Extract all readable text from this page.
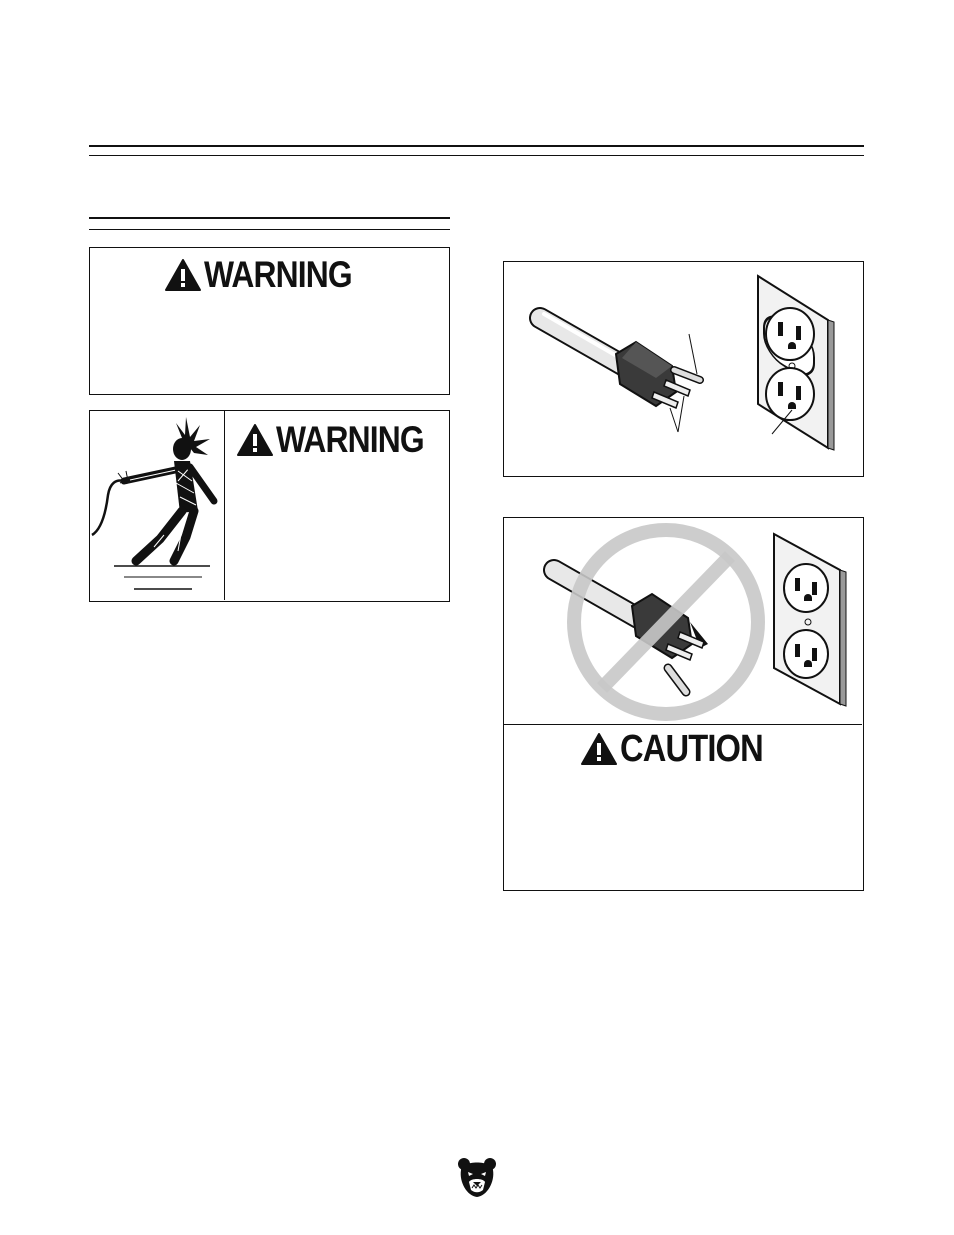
WARNING
WARNING
CAUTION
